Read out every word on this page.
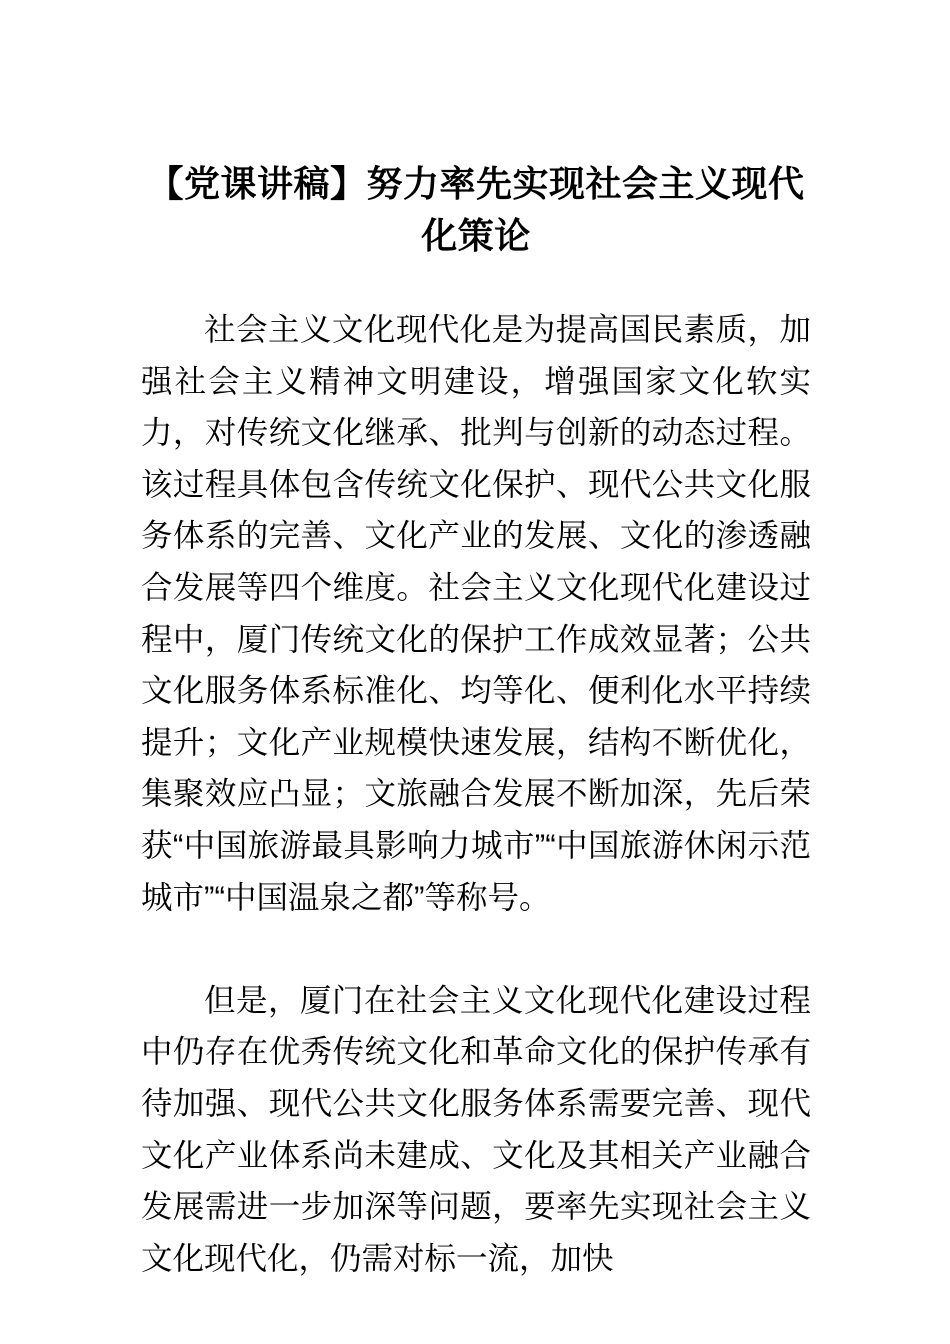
【党课讲稿】努力率先实现社会主义现代化策论

社会主义文化现代化是为提高国民素质，加强社会主义精神文明建设，增强国家文化软实力，对传统文化继承、批判与创新的动态过程。该过程具体包含传统文化保护、现代公共文化服务体系的完善、文化产业的发展、文化的渗透融合发展等四个维度。社会主义文化现代化建设过程中，厦门传统文化的保护工作成效显著；公共文化服务体系标准化、均等化、便利化水平持续提升；文化产业规模快速发展，结构不断优化，集聚效应凸显；文旅融合发展不断加深，先后荣获“中国旅游最具影响力城市”“中国旅游休闲示范城市”“中国温泉之都”等称号。

但是，厦门在社会主义文化现代化建设过程中仍存在优秀传统文化和革命文化的保护传承有待加强、现代公共文化服务体系需要完善、现代文化产业体系尚未建成、文化及其相关产业融合发展需进一步加深等问题，要率先实现社会主义文化现代化，仍需对标一流，加快
